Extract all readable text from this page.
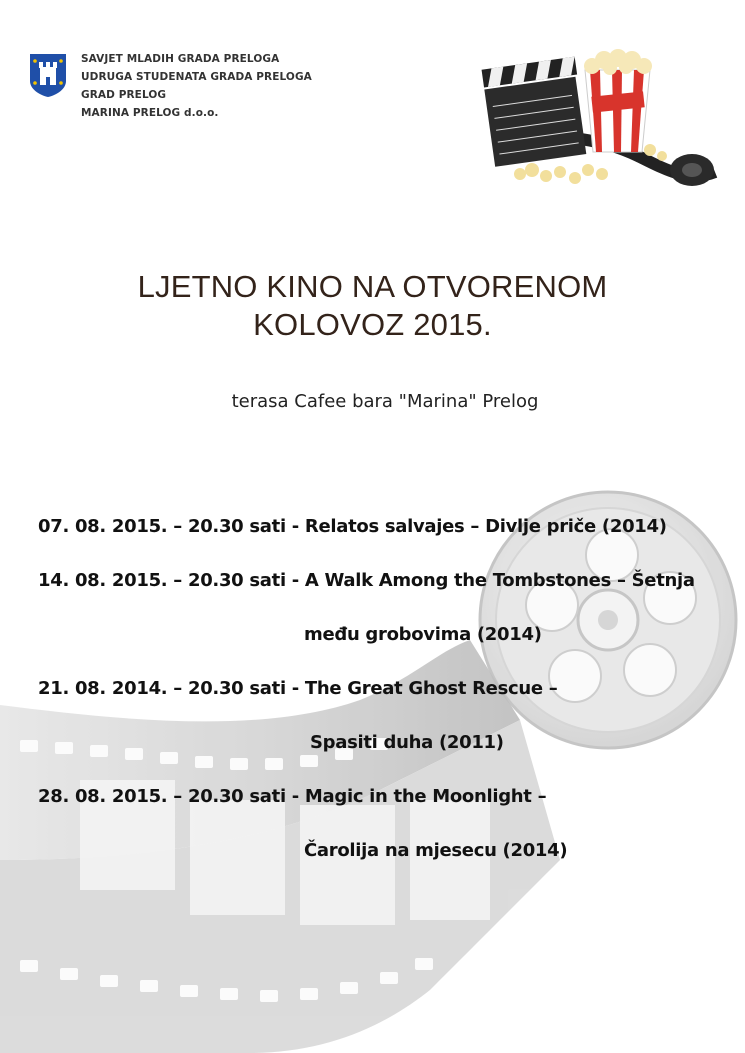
SAVJET MLADIH GRADA PRELOGA
UDRUGA STUDENATA GRADA PRELOGA
GRAD PRELOG
MARINA PRELOG d.o.o.
LJETNO KINO NA OTVORENOM
KOLOVOZ 2015.
terasa Cafee bara "Marina" Prelog
07. 08. 2015. – 20.30 sati - Relatos salvajes – Divlje priče (2014)
14. 08. 2015. – 20.30 sati - A Walk Among the Tombstones – Šetnja
među grobovima (2014)
21. 08. 2014. – 20.30 sati - The Great Ghost Rescue –
Spasiti duha (2011)
28. 08. 2015. – 20.30 sati - Magic in the Moonlight –
Čarolija na mjesecu (2014)
